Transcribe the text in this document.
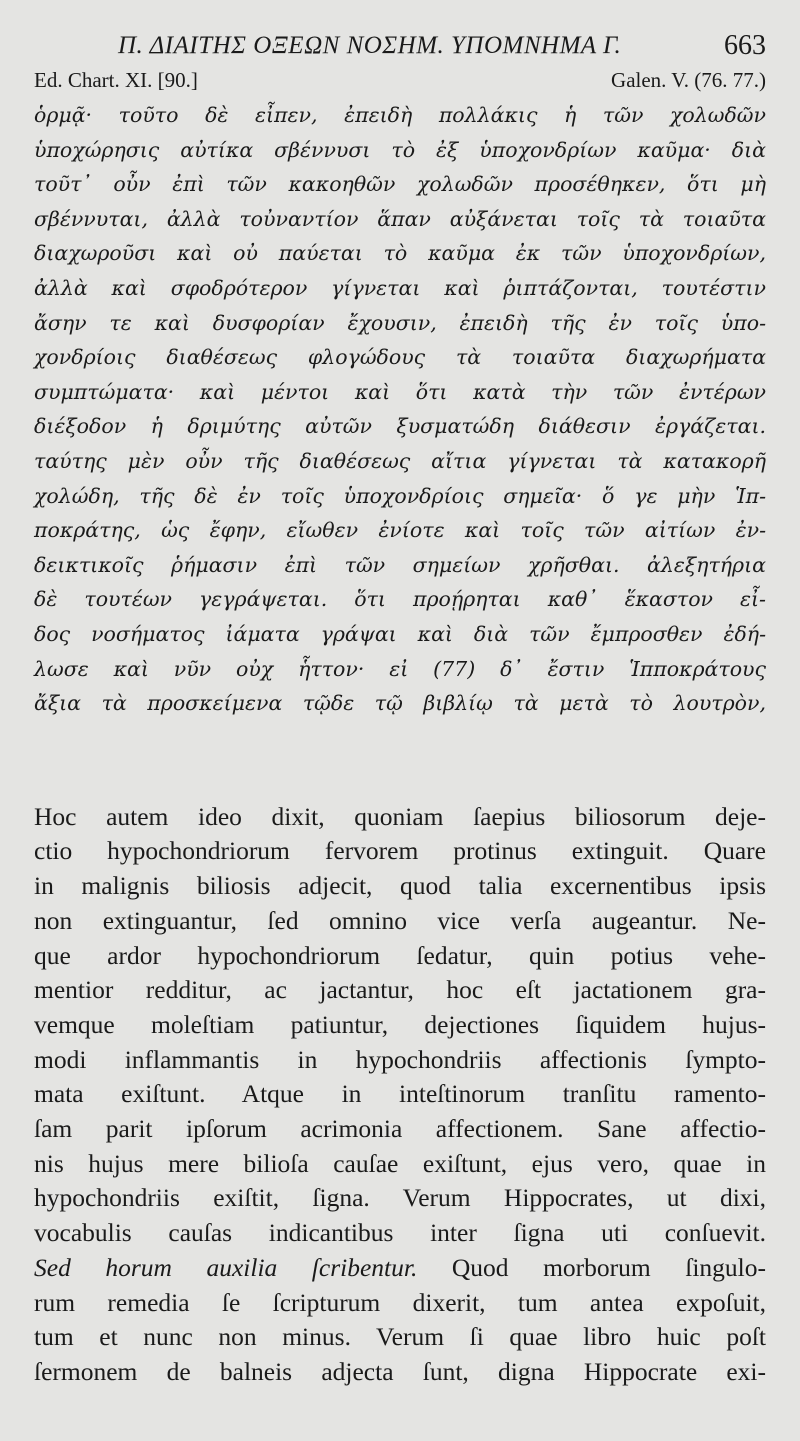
Π. ΔΙΑΙΤΗΣ ΟΞΕΩΝ ΝΟΣΗΜ. ΥΠΟΜΝΗΜΑ Γ.	663
Ed. Chart. XI. [90.]	Galen. V. (76. 77.)
ὁρμᾷ· τοῦτο δὲ εἶπεν, ἐπειδὴ πολλάκις ἡ τῶν χολωδῶν
ὑποχώρησις αὐτίκα σβέννυσι τὸ ἐξ ὑποχονδρίων καῦμα· διὰ
τοῦτ᾽ οὖν ἐπὶ τῶν κακοηθῶν χολωδῶν προσέθηκεν, ὅτι μὴ
σβέννυται, ἀλλὰ τοὐναντίον ἅπαν αὐξάνεται τοῖς τὰ τοιαῦτα
διαχωροῦσι καὶ οὐ παύεται τὸ καῦμα ἐκ τῶν ὑποχονδρίων,
ἀλλὰ καὶ σφοδρότερον γίγνεται καὶ ῥιπτάζονται, τουτέστιν
ἄσην τε καὶ δυσφορίαν ἔχουσιν, ἐπειδὴ τῆς ἐν τοῖς ὑπο-
χονδρίοις διαθέσεως φλογώδους τὰ τοιαῦτα διαχωρήματα
συμπτώματα· καὶ μέντοι καὶ ὅτι κατὰ τὴν τῶν ἐντέρων
διέξοδον ἡ δριμύτης αὐτῶν ξυσματώδη διάθεσιν ἐργάζεται.
ταύτης μὲν οὖν τῆς διαθέσεως αἴτια γίγνεται τὰ κατακορῆ
χολώδη, τῆς δὲ ἐν τοῖς ὑποχονδρίοις σημεῖα· ὅ γε μὴν Ἱπ-
ποκράτης, ὡς ἔφην, εἴωθεν ἐνίοτε καὶ τοῖς τῶν αἰτίων ἐν-
δεικτικοῖς ῥήμασιν ἐπὶ τῶν σημείων χρῆσθαι. ἀλεξητήρια
δὲ τουτέων γεγράψεται. ὅτι προῄρηται καθ᾽ ἕκαστον εἶ-
δος νοσήματος ἰάματα γράψαι καὶ διὰ τῶν ἔμπροσθεν ἐδή-
λωσε καὶ νῦν οὐχ ἧττον· εἰ (77) δ᾽ ἔστιν Ἱπποκράτους
ἄξια τὰ προσκείμενα τῷδε τῷ βιβλίῳ τὰ μετὰ τὸ λουτρὸν,
Hoc autem ideo dixit, quoniam ſaepius biliosorum deje-
ctio hypochondriorum fervorem protinus extinguit. Quare
in malignis biliosis adjecit, quod talia excernentibus ipsis
non extinguantur, ſed omnino vice verſa augeantur. Ne-
que ardor hypochondriorum ſedatur, quin potius vehe-
mentior redditur, ac jactantur, hoc eſt jactationem gra-
vemque moleſtiam patiuntur, dejectiones ſiquidem hujus-
modi inflammantis in hypochondriis affectionis ſympto-
mata exiſtunt. Atque in inteſtinorum tranſitu ramento-
ſam parit ipſorum acrimonia affectionem. Sane affectio-
nis hujus mere bilioſa cauſae exiſtunt, ejus vero, quae in
hypochondriis exiſtit, ſigna. Verum Hippocrates, ut dixi,
vocabulis cauſas indicantibus inter ſigna uti conſuevit.
Sed horum auxilia ſcribentur. Quod morborum ſingulo-
rum remedia ſe ſcripturum dixerit, tum antea expoſuit,
tum et nunc non minus. Verum ſi quae libro huic poſt
ſermonem de balneis adjecta ſunt, digna Hippocrate exi-
